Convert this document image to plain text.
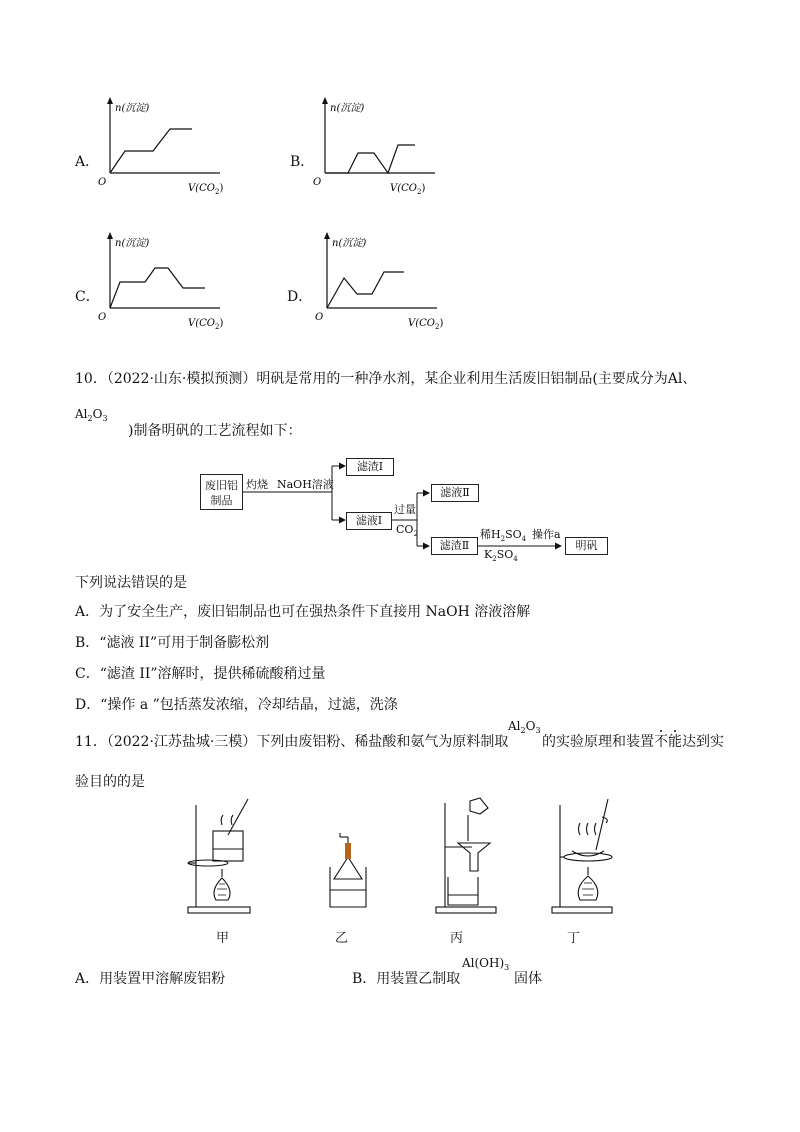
A．
n(沉淀)
O
$V(CO_2)$
B．
n(沉淀)
O
$V(CO_2)$
C．
n(沉淀)
O
$V(CO_2)$
D．
n(沉淀)
O
$V(CO_2)$
10．（2022·山东·模拟预测）明矾是常用的一种净水剂，某企业利用生活废旧铝制品(主要成分为Al、
$Al_2O_3$
)制备明矾的工艺流程如下：
废旧铝
制品
灼烧 NaOH溶液
滤渣Ⅰ
滤液Ⅰ
过量
$CO_2$
滤液Ⅱ
滤渣Ⅱ
稀$H_2SO_4$ 操作a
$K_2SO_4$
明矾
下列说法错误的是
A．为了安全生产，废旧铝制品也可在强热条件下直接用 NaOH 溶液溶解
B．“滤液 II”可用于制备膨松剂
C．“滤渣 II”溶解时，提供稀硫酸稍过量
D．“操作 a ”包括蒸发浓缩，冷却结晶，过滤，洗涤
11．（2022·江苏盐城·三模）下列由废铝粉、稀盐酸和氨气为原料制取
$Al_2O_3$
的实验原理和装置不能达到实
验目的的是
甲	乙	丙	丁
A．用装置甲溶解废铝粉	B．用装置乙制取
$Al(OH)_3$
固体
